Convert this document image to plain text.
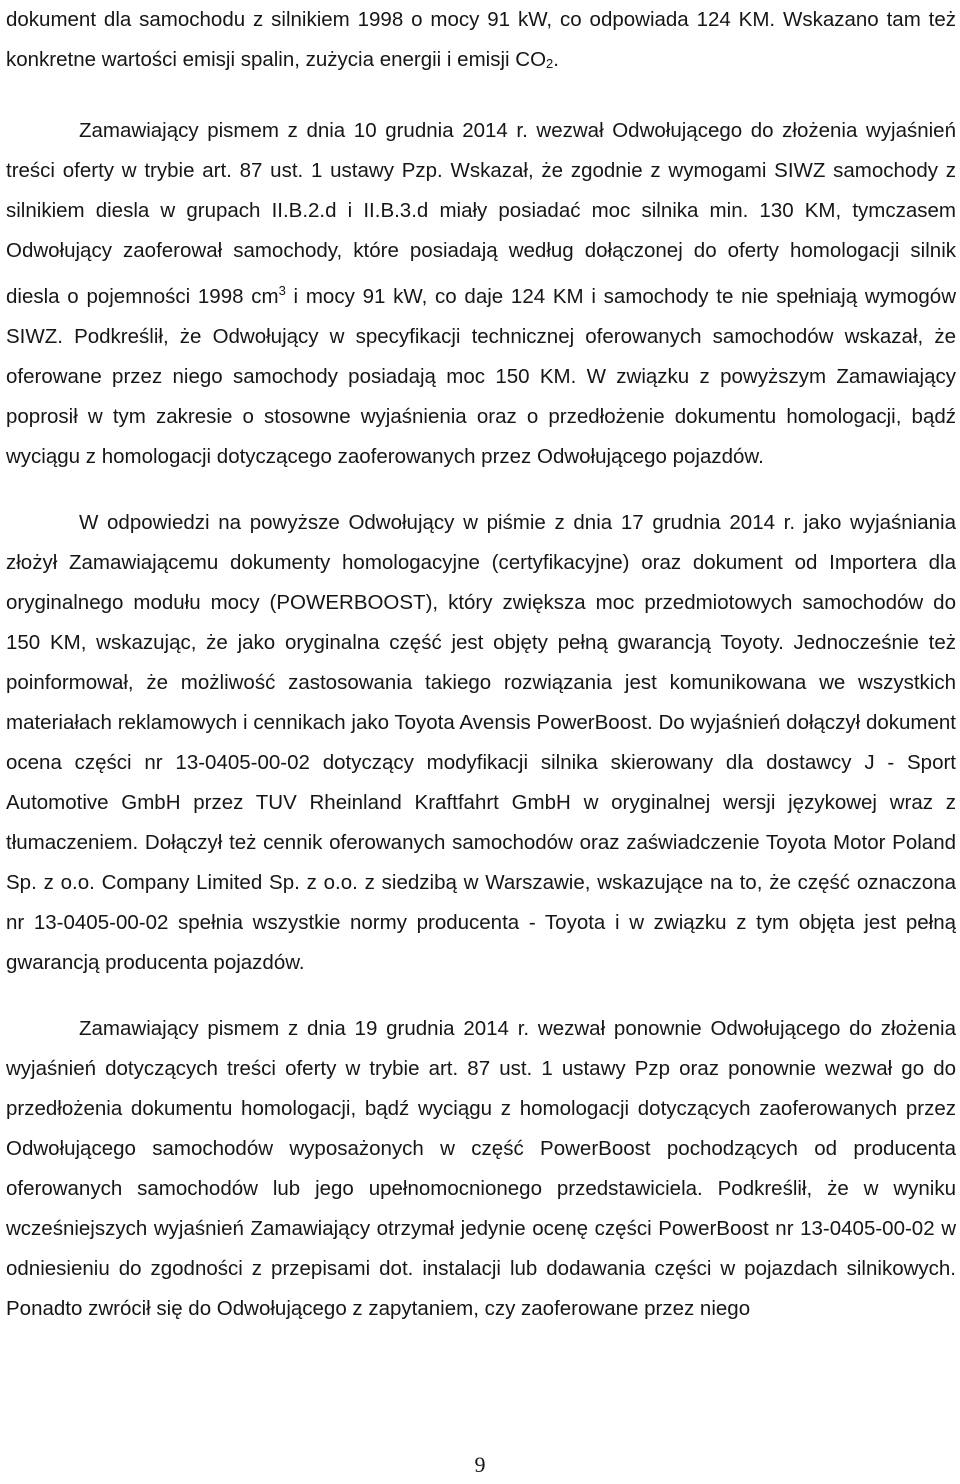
dokument dla samochodu z silnikiem 1998 o mocy 91 kW, co odpowiada 124 KM. Wskazano tam też konkretne wartości emisji spalin, zużycia energii i emisji CO2.

Zamawiający pismem z dnia 10 grudnia 2014 r. wezwał Odwołującego do złożenia wyjaśnień treści oferty w trybie art. 87 ust. 1 ustawy Pzp. Wskazał, że zgodnie z wymogami SIWZ samochody z silnikiem diesla w grupach II.B.2.d i II.B.3.d miały posiadać moc silnika min. 130 KM, tymczasem Odwołujący zaoferował samochody, które posiadają według dołączonej do oferty homologacji silnik diesla o pojemności 1998 $cm^3$ i mocy 91 kW, co daje 124 KM i samochody te nie spełniają wymogów SIWZ. Podkreślił, że Odwołujący w specyfikacji technicznej oferowanych samochodów wskazał, że oferowane przez niego samochody posiadają moc 150 KM. W związku z powyższym Zamawiający poprosił w tym zakresie o stosowne wyjaśnienia oraz o przedłożenie dokumentu homologacji, bądź wyciągu z homologacji dotyczącego zaoferowanych przez Odwołującego pojazdów.

W odpowiedzi na powyższe Odwołujący w piśmie z dnia 17 grudnia 2014 r. jako wyjaśniania złożył Zamawiającemu dokumenty homologacyjne (certyfikacyjne) oraz dokument od Importera dla oryginalnego modułu mocy (POWERBOOST), który zwiększa moc przedmiotowych samochodów do 150 KM, wskazując, że jako oryginalna część jest objęty pełną gwarancją Toyoty. Jednocześnie też poinformował, że możliwość zastosowania takiego rozwiązania jest komunikowana we wszystkich materiałach reklamowych i cennikach jako Toyota Avensis PowerBoost. Do wyjaśnień dołączył dokument ocena części nr 13-0405-00-02 dotyczący modyfikacji silnika skierowany dla dostawcy J - Sport Automotive GmbH przez TUV Rheinland Kraftfahrt GmbH w oryginalnej wersji językowej wraz z tłumaczeniem. Dołączył też cennik oferowanych samochodów oraz zaświadczenie Toyota Motor Poland Sp. z o.o. Company Limited Sp. z o.o. z siedzibą w Warszawie, wskazujące na to, że część oznaczona nr 13-0405-00-02 spełnia wszystkie normy producenta - Toyota i w związku z tym objęta jest pełną gwarancją producenta pojazdów.

Zamawiający pismem z dnia 19 grudnia 2014 r. wezwał ponownie Odwołującego do złożenia wyjaśnień dotyczących treści oferty w trybie art. 87 ust. 1 ustawy Pzp oraz ponownie wezwał go do przedłożenia dokumentu homologacji, bądź wyciągu z homologacji dotyczących zaoferowanych przez Odwołującego samochodów wyposażonych w część PowerBoost pochodzących od producenta oferowanych samochodów lub jego upełnomocnionego przedstawiciela. Podkreślił, że w wyniku wcześniejszych wyjaśnień Zamawiający otrzymał jedynie ocenę części PowerBoost nr 13-0405-00-02 w odniesieniu do zgodności z przepisami dot. instalacji lub dodawania części w pojazdach silnikowych. Ponadto zwrócił się do Odwołującego z zapytaniem, czy zaoferowane przez niego

9
